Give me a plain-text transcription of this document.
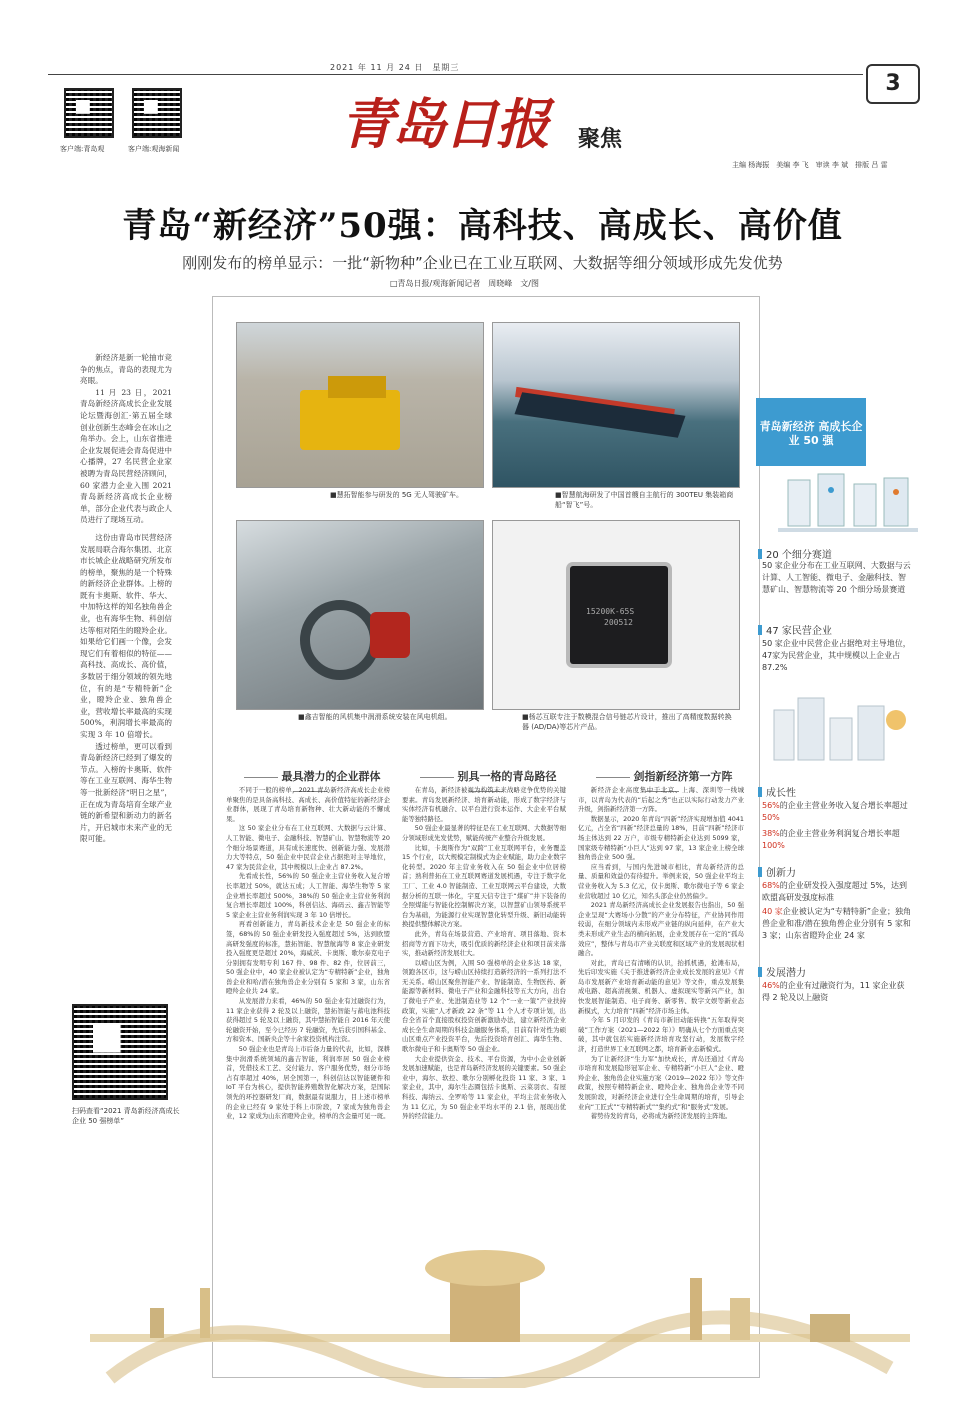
2021 年 11 月 24 日　星期三
3
客户端:青岛观	客户端:观海新闻	青岛日报 聚焦
主编 杨海振　美编 李 飞　审读 李 斌　排版 吕 雷
青岛“新经济”50强：高科技、高成长、高价值
刚刚发布的榜单显示：一批“新物种”企业已在工业互联网、大数据等细分领域形成先发优势
□青岛日报/观海新闻记者　周晓峰　文/图

新经济是新一轮抽市竞争的焦点，青岛的表现尤为亮眼。

11 月 23 日，2021 青岛新经济高成长企业发展论坛暨海创汇·第五届全球创业创新生态峰会在冰山之角举办。会上，山东省推进企业发展促进会青岛促进中心播牌，27 名民营企业家被聘为青岛民营经济顾问，60 家潜力企业入围 2021 青岛新经济高成长企业榜单，部分企业代表与政企人员进行了现场互动。

这份由青岛市民营经济发展局联合海尔集团、北京市长城企业战略研究所发布的榜单，聚焦的是一个特殊的新经济企业群体。上榜的既有卡奥斯、软件、华大、中加特这样的知名独角兽企业，也有海华生物、科创信达等相对陌生的瞪羚企业。如果给它们画一个像，会发现它们有着相似的特征——高科技、高成长、高价值，多数居于细分领域的领先地位，有的是“专精特新”企业，瞪羚企业、独角兽企业，营收增长率最高的实现 500%，利润增长率最高的实现 3 年 10 倍增长。

透过榜单，更可以看到青岛新经济已经到了爆发的节点。入榜的卡奥斯、软件等在工业互联网、海华生物等一批新经济“明日之星”，正在成为青岛培育全球产业链的新希望和新动力的新名片，开启城市未来产业的无限可能。

扫码查看“2021 青岛新经济高成长企业 50 强榜单”
■慧拓智能参与研发的 5G 无人驾驶矿车。	■智慧航海研发了中国首艘自主航行的 300TEU 集装箱商船“智飞”号。
■鑫吉智能的风机集中润滑系统安装在风电机组。
15200K-65S
200512
■杨芯互联专注于数模混合信号链芯片设计，推出了高精度数据转换器 (AD/DA)等芯片产品。
最具潜力的企业群体	别具一格的青岛路径	剑指新经济第一方阵

不同于一般的榜单，2021 青岛新经济高成长企业榜单聚焦的是具备高科技、高成长、高价值特征的新经济企业群体，展现了青岛培育新物种、壮大新动能的不懈成果。

这 50 家企业分布在工业互联网、大数据与云计算、人工智能、微电子、金融科技、智慧矿山、智慧物流等 20 个细分场景赛道，具有成长速度快、创新能力强、发展潜力大等特点，50 强企业中民营企业占据绝对主导地位，47 家为民营企业，其中规模以上企业占 87.2%。

先看成长性，56%的 50 强企业主营业务收入复合增长率超过 50%，就达五成；人工智能、海华生物等 5 家企业增长率超过 500%，38%的 50 强企业主营业务利润复合增长率超过 100%，科创信达、海码云、鑫吉智能等 5 家企业主营业务利润实现 3 年 10 倍增长。

再看创新能力，青岛新技术企业是 50 强企业的标签，68%的 50 强企业研发投入强度超过 5%，达到欧盟高研发强度的标准，慧拓智能、智慧航海等 8 家企业研发投入强度更是超过 20%，海威茨、卡奥斯、歌尔泰克电子分别拥有发明专利 167 件、98 件、82 件，位居前三，50 强企业中，40 家企业被认定为“专精特新”企业，独角兽企业和哈/潜在独角兽企业分别有 5 家和 3 家，山东省瞪羚企业共 24 家。

从发展潜力来看，46%的 50 强企业有过融资行为，11 家企业获得 2 轮及以上融资，慧拓智能与蓄电池科技获得超过 5 轮及以上融资，其中慧拓智能自 2016 年天使轮融资开始，至今已经历 7 轮融资，先后获引国科基金、方和资本、国新央企等十余家投资机构注资。

50 强企业也是青岛上市后备力量的代表，比如，深耕集中润滑系统领域的鑫吉智能，利润率居 50 强企业榜首，凭借技术工艺、交付能力、客户服务优势，细分市场占有率超过 40%，居全国第一，科创信达以智能硬件和 IoT 平台为核心，提供智能养殖数智化解决方案，是国际领先的环控器研发厂商，数据最有说服力，目上述市榜单的企业已经有 9 家处于科上市阶段，7 家成为独角兽企业，12 家成为山东省瞪羚企业，榜单的含金量可见一斑。

在青岛，新经济被视为构筑未来战略竞争优势的关键要素。青岛发展新经济、培育新动能，形成了数字经济与实体经济有机融合、以平台进行资本运作、大企业平台赋能等独特路径。

50 强企业最显著的特征是在工业互联网、大数据等细分领域形成先发优势，赋能传统产业整合升级发展。

比如，卡奥斯作为“双跨”工业互联网平台，业务覆盖 15 个行业，以大规模定制模式为企业赋能，助力企业数字化转型。2020 年主营业务收入在 50 强企业中位居榜首；熟利普拓在工业互联网赛道发展机遇，专注于数字化工厂、工业 4.0 智能制造、工业互联网云平台建设，大数据分析的互联一体化，宇夏天信专注于“煤矿”井下装备的全照煤能与智能化控制解决方案，以智慧矿山领导系统平台为基础，为能源行业实现智慧化转型升级、新旧动能转换提供整体解决方案。

此外，青岛在场景营造、产业培育、项目落地、资本招商等方面下功夫，吸引优质的新经济企业和项目前来落实，推动新经济发展壮大。

以崂山区为例，入围 50 强榜单的企业多达 18 家，领跑各区市，这与崂山区持续打造新经济的一系列打法不无关系。崂山区聚焦智能产业、智能制造、生物医药、新能源等新材料、微电子产业和金融科技等五大方向，出台了微电子产业、先进制造业等 12 个“一业一策”产业扶持政策，实施“人才新政 22 条”等 11 个人才专项计划，出台全省首个直接股权投资创新激励办法，建立新经济企业成长全生命周期的科技金融服务体系，目前有针对性为硕山区重点产业投资平台，先后投资培育创汇、海华生物、歌尔微电子和卡奥斯等 50 强企业。

大企业提供资金、技术、平台资源，为中小企业创新发展加速赋能，也是青岛新经济发展的关键要素。50 强企业中，海尔、软控、歌尔分别孵化投资 11 家、3 家、1 家企业，其中，海尔生态圈包括卡奥斯、云菜羽衣、有屋科技、海纳云、全罗哈等 11 家企业，平均主营业务收入为 11 亿元，为 50 强企业平均水平的 2.1 倍，展现出优异的经营能力。

新经济企业高度集中于北京、上海、深圳等一线城市，以青岛为代表的“后起之秀”也正以实际行动发力产业升级，剑指新经济第一方阵。

数据显示，2020 年青岛“四新”经济实现增加值 4041 亿元，占全省“四新”经济总量的 18%，目前“四新”经济市场主体达到 22 万户，市级专精特新企业达到 5099 家，国家级专精特新“小巨人”达到 97 家，13 家企业上榜全球独角兽企业 500 强。

应当看到，与国内先进城市相比，青岛新经济的总量、质量和效益仍有待提升。举例来说，50 强企业平均主营业务收入为 5.3 亿元，仅卡奥斯、歌尔微电子等 6 家企业营收超过 10 亿元，知名头部企业仍然偏少。

2021 青岛新经济高成长企业发展报告也指出，50 强企业呈现“大赛场小分散”的产业分布特征，产业协同作用较弱，在细分领域内未形成产业链的纵向延伸，在产业大类未形成产业生态的横向拓展，企业发展存在一定的“孤岛效应”，整体与青岛市产业关联度和区域产业的发展现状相融合。

对此，青岛已有清晰的认识，抬抓机遇，抢滩布局，先后印发实施《关于推进新经济企业成长发展的意见》《青岛市发展新产业培育新动能的意见》等文件，重点发展集成电路、超高清视频、机器人、虚拟现实等新兴产业，加快发展智能制造、电子商务、新零售、数字文娱等新业态新模式，大力培育“四新”经济市场主体。

今年 5 月印发的《青岛市新旧动能转换“五年取得突破”工作方案（2021—2022 年）》明确从七个方面重点突破，其中就包括实施新经济培育攻坚行动，发展数字经济，打造世界工业互联网之都，培育新业态新模式。

为了让新经济“生力军”加快成长，青岛还通过《青岛市培育和发展隐形冠军企业、专精特新“小巨人”企业、瞪羚企业、独角兽企业实施方案（2019—2022 年）》等文件政策，按照专精特新企业、瞪羚企业、独角兽企业等不同发展阶段，对新经济企业进行全生命周期的培育，引导企业向“工匠式”“专精特新式”“集约式”和“服务式”发展。

蓄势待发的青岛，必将成为新经济发展的主阵地。

青岛新经济 高成长企业 50 强
20 个细分赛道
50 家企业分布在工业互联网、大数据与云计算、人工智能、微电子、金融科技、智慧矿山、智慧物流等 20 个细分场景赛道
47 家民营企业
50 家企业中民营企业占据绝对主导地位，47家为民营企业，其中规模以上企业占 87.2%
成长性
56%的企业主营业务收入复合增长率超过 50%
38%的企业主营业务利润复合增长率超 100%
创新力
68%的企业研发投入强度超过 5%，达到欧盟高研发强度标准
40 家企业被认定为“专精特新”企业；独角兽企业和准/潜在独角兽企业分别有 5 家和 3 家；山东省瞪羚企业 24 家
发展潜力
46%的企业有过融资行为，11 家企业获得 2 轮及以上融资
